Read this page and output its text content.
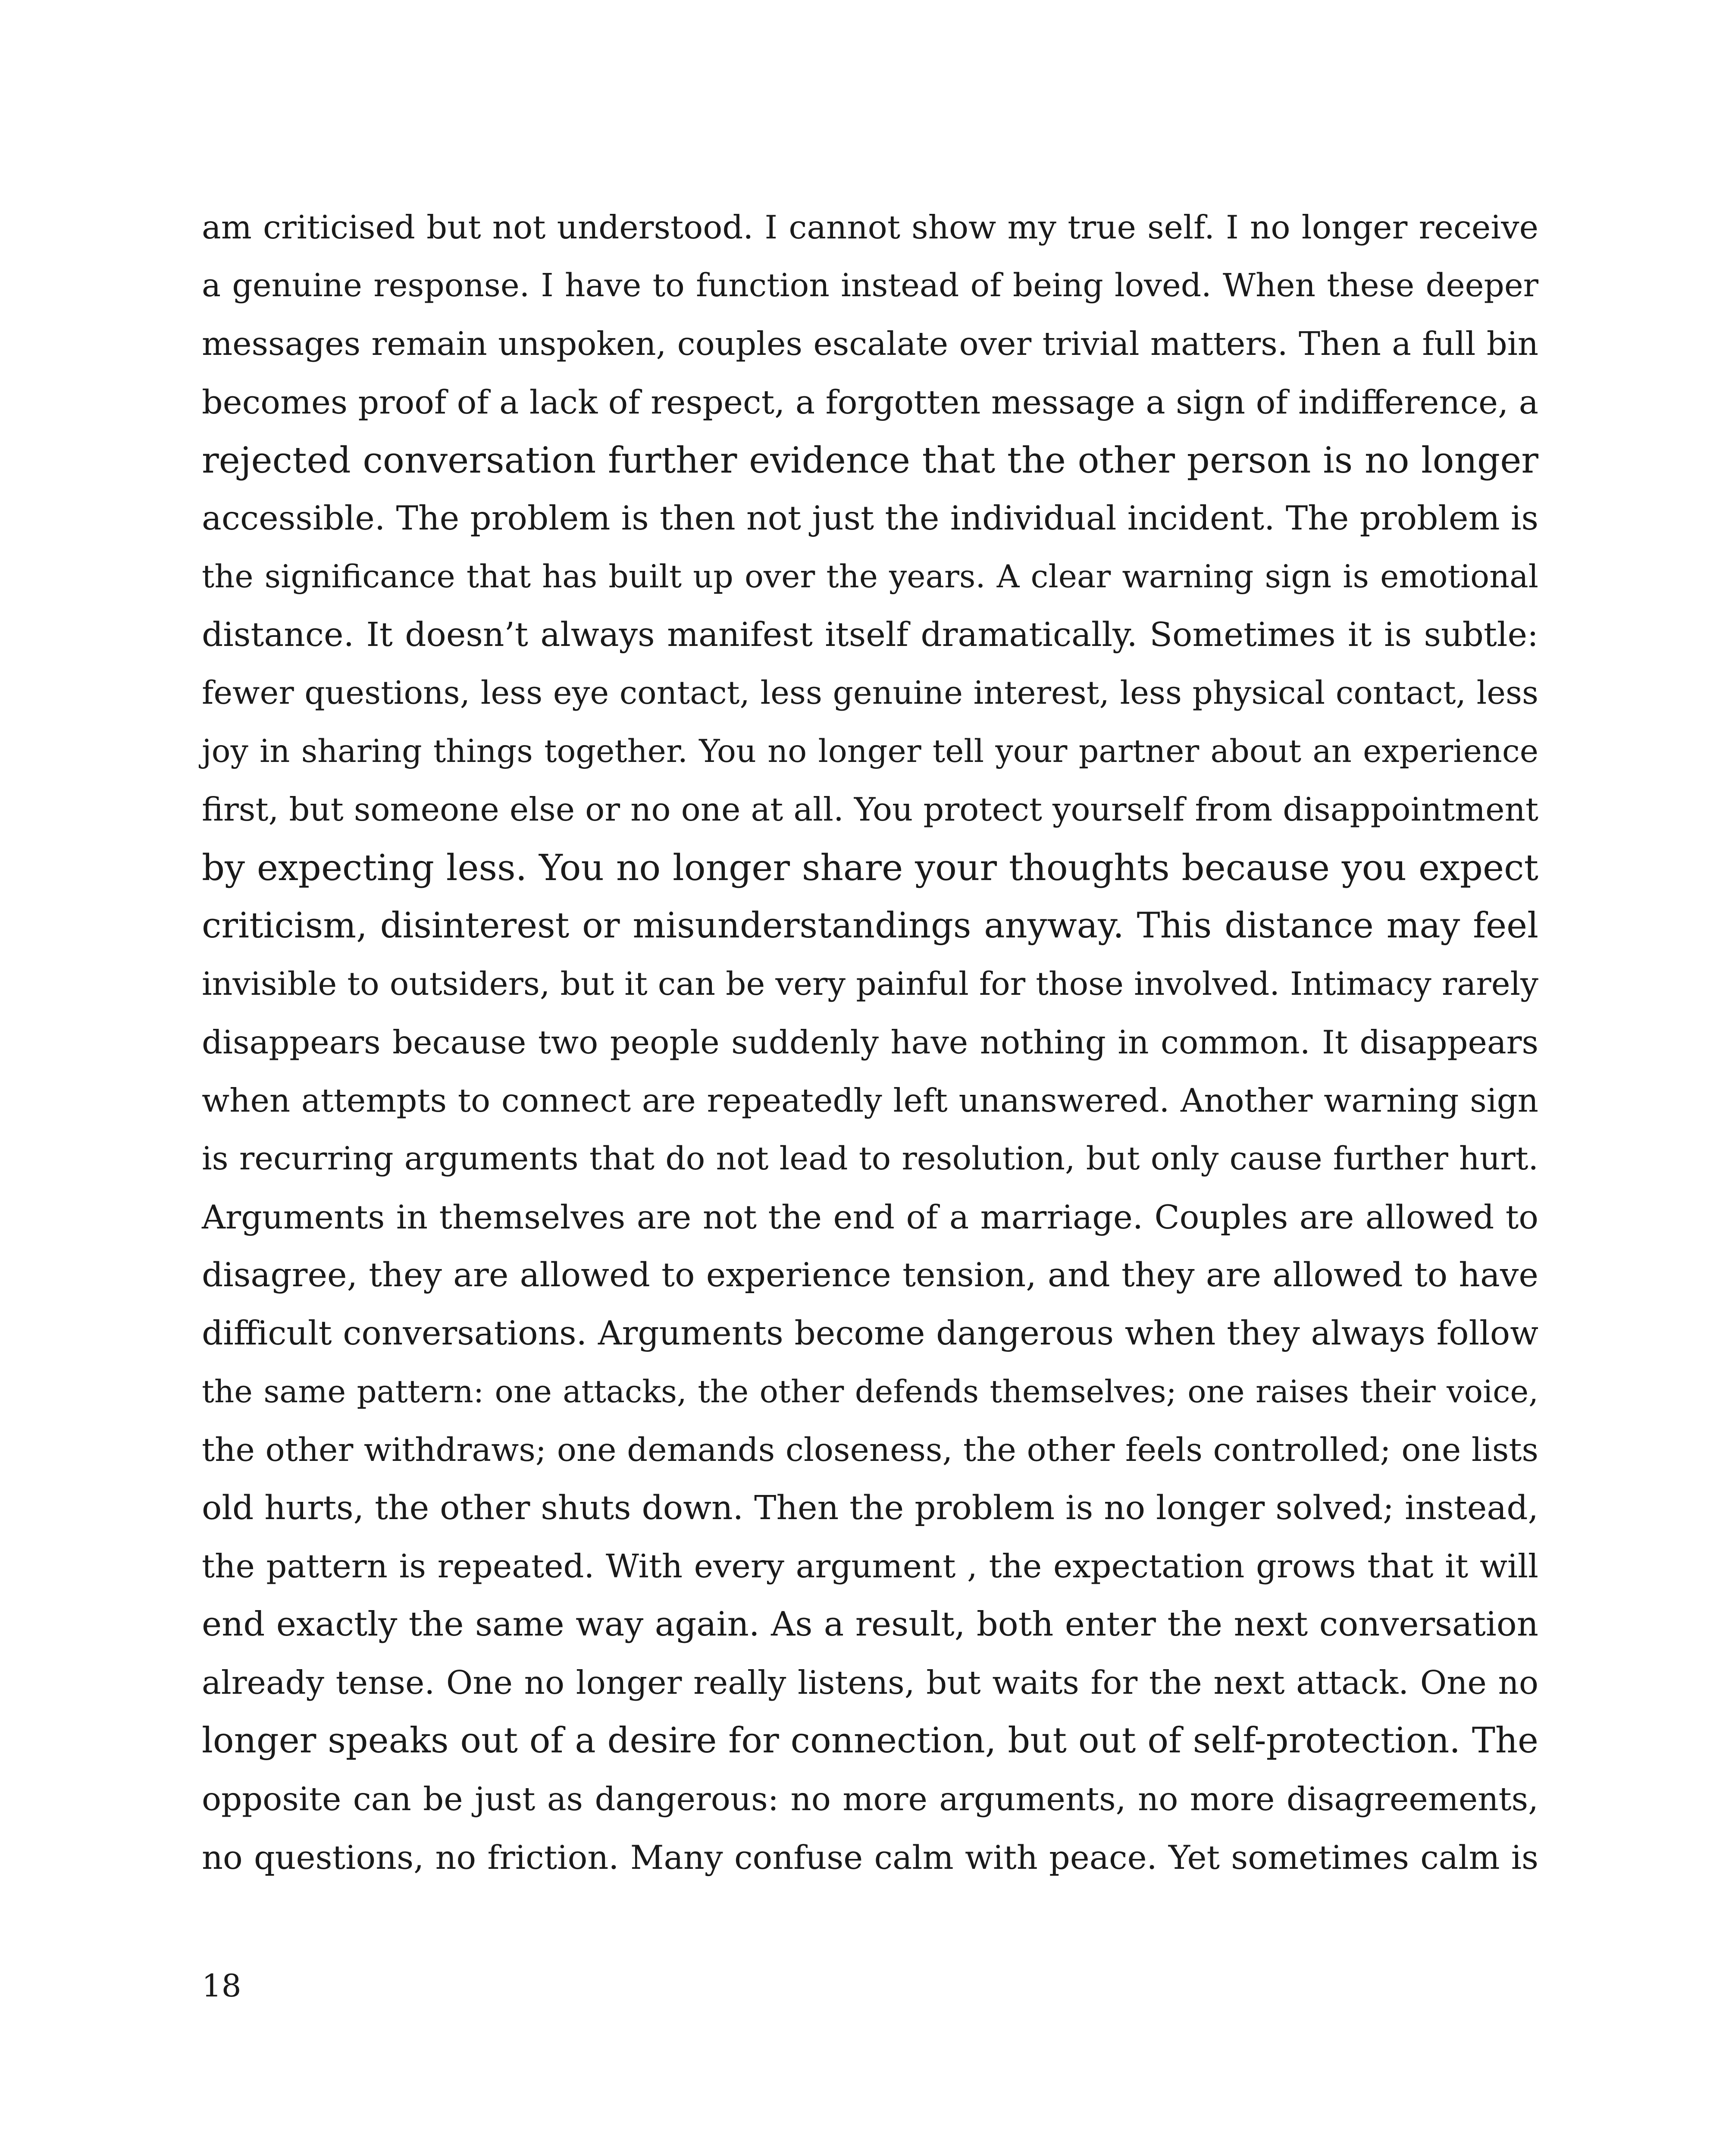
am criticised but not understood. I cannot show my true self. I no longer receive
a genuine response. I have to function instead of being loved. When these deeper
messages remain unspoken, couples escalate over trivial matters. Then a full bin
becomes proof of a lack of respect, a forgotten message a sign of indifference, a
rejected conversation further evidence that the other person is no longer
accessible. The problem is then not just the individual incident. The problem is
the significance that has built up over the years. A clear warning sign is emotional
distance. It doesn’t always manifest itself dramatically. Sometimes it is subtle:
fewer questions, less eye contact, less genuine interest, less physical contact, less
joy in sharing things together. You no longer tell your partner about an experience
first, but someone else or no one at all. You protect yourself from disappointment
by expecting less. You no longer share your thoughts because you expect
criticism, disinterest or misunderstandings anyway. This distance may feel
invisible to outsiders, but it can be very painful for those involved. Intimacy rarely
disappears because two people suddenly have nothing in common. It disappears
when attempts to connect are repeatedly left unanswered. Another warning sign
is recurring arguments that do not lead to resolution, but only cause further hurt.
Arguments in themselves are not the end of a marriage. Couples are allowed to
disagree, they are allowed to experience tension, and they are allowed to have
difficult conversations. Arguments become dangerous when they always follow
the same pattern: one attacks, the other defends themselves; one raises their voice,
the other withdraws; one demands closeness, the other feels controlled; one lists
old hurts, the other shuts down. Then the problem is no longer solved; instead,
the pattern is repeated. With every argument , the expectation grows that it will
end exactly the same way again. As a result, both enter the next conversation
already tense. One no longer really listens, but waits for the next attack. One no
longer speaks out of a desire for connection, but out of self-protection. The
opposite can be just as dangerous: no more arguments, no more disagreements,
no questions, no friction. Many confuse calm with peace. Yet sometimes calm is
18
